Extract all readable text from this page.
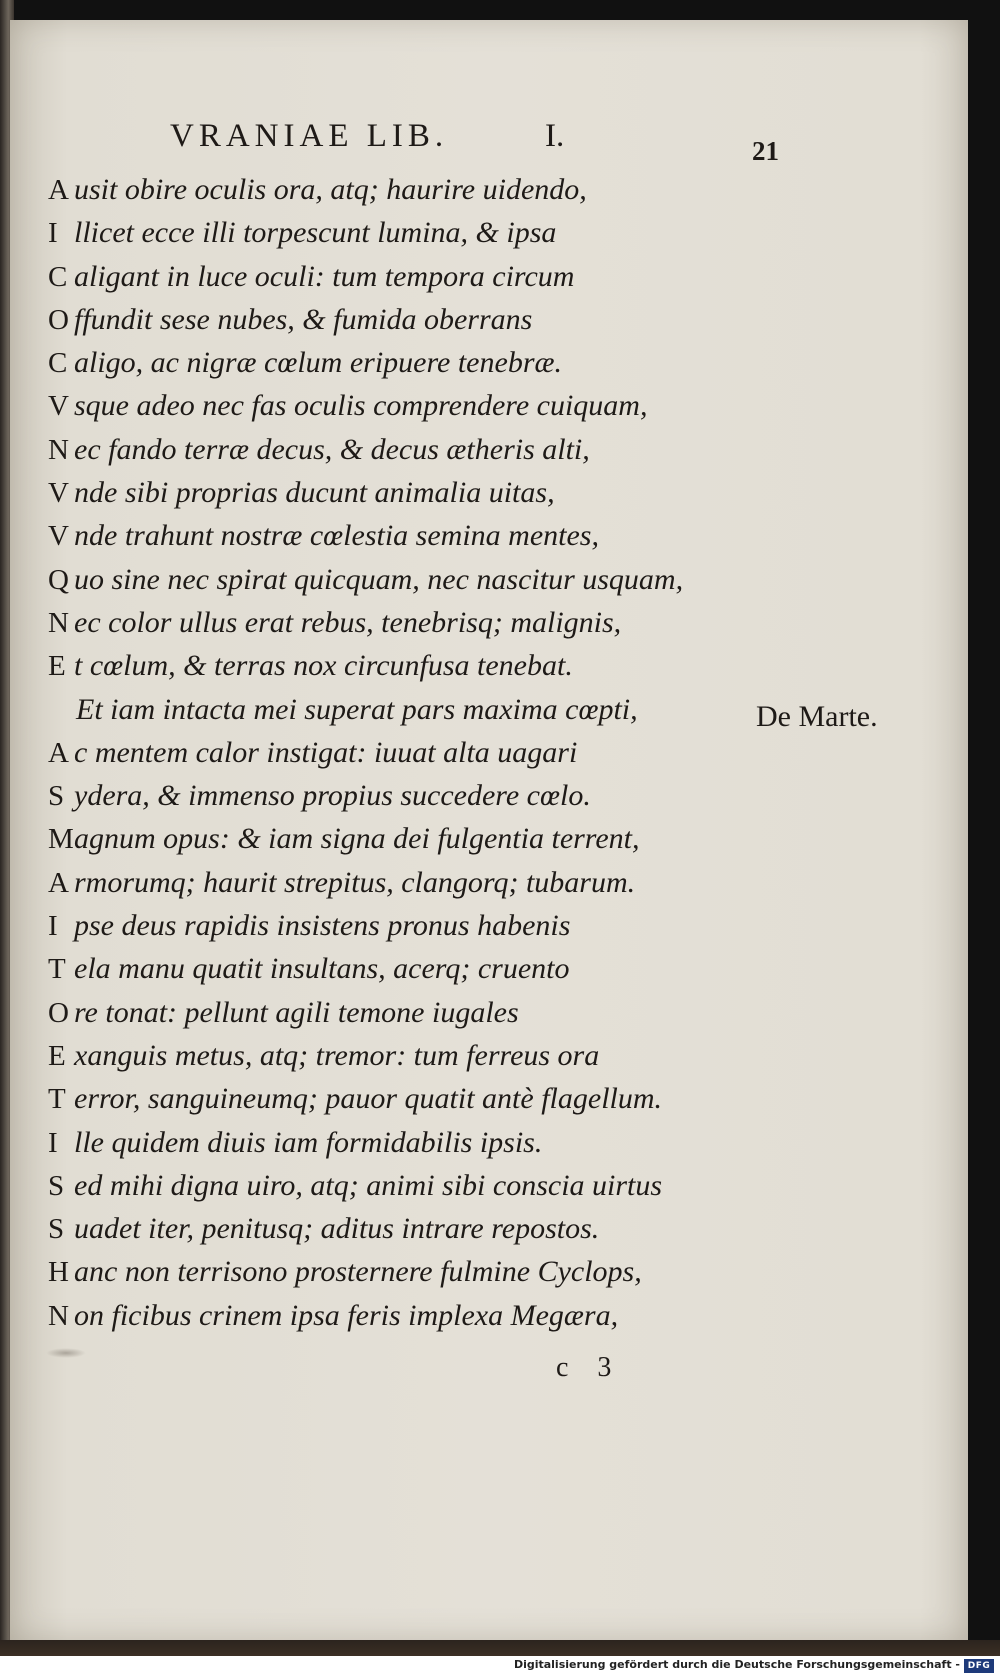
VRANIAE LIB.	I.	21
A usit obire oculis ora, atq; haurire uidendo,
I llicet ecce illi torpescunt lumina, & ipsa
C aligant in luce oculi: tum tempora circum
O ffundit sese nubes, & fumida oberrans
C aligo, ac nigræ cœlum eripuere tenebræ.
V sque adeo nec fas oculis comprendere cuiquam,
N ec fando terræ decus, & decus ætheris alti,
V nde sibi proprias ducunt animalia uitas,
V nde trahunt nostræ cœlestia semina mentes,
Q uo sine nec spirat quicquam, nec nascitur usquam,
N ec color ullus erat rebus, tenebrisq; malignis,
E t cœlum, & terras nox circunfusa tenebat.
Et iam intacta mei superat pars maxima cœpti,
A c mentem calor instigat: iuuat alta uagari
S ydera, & immenso propius succedere cœlo.
Magnum opus: & iam signa dei fulgentia terrent,
A rmorumq; haurit strepitus, clangorq; tubarum.
I pse deus rapidis insistens pronus habenis
T ela manu quatit insultans, acerq; cruento
O re tonat: pellunt agili temone iugales
E xanguis metus, atq; tremor: tum ferreus ora
T error, sanguineumq; pauor quatit antè flagellum.
I lle quidem diuis iam formidabilis ipsis.
S ed mihi digna uiro, atq; animi sibi conscia uirtus
S uadet iter, penitusq; aditus intrare repostos.
H anc non terrisono prosternere fulmine Cyclops,
N on ficibus crinem ipsa feris implexa Megæra,
De Marte.
c 3
Digitalisierung gefördert durch die Deutsche Forschungsgemeinschaft - DFG
